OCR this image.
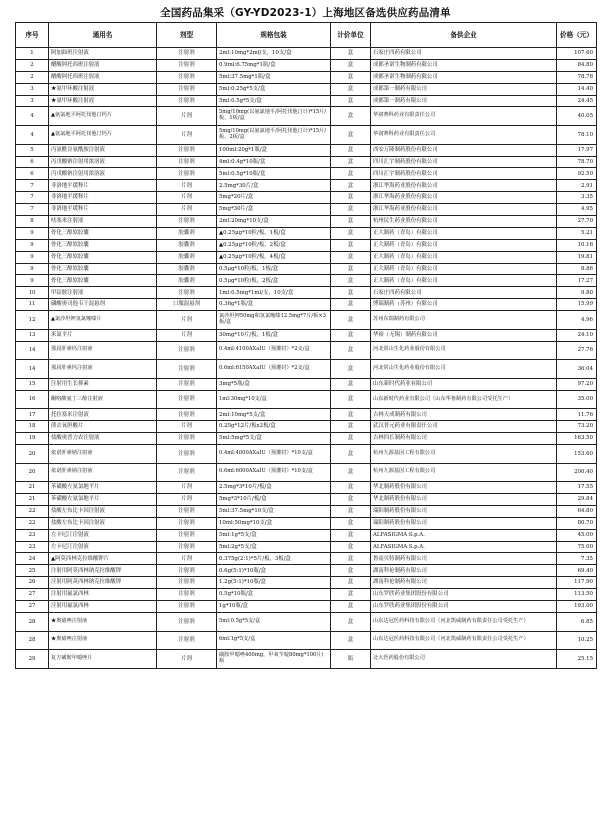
全国药品集采（GY-YD2023-1）上海地区备选供应药品清单
序号	通用名	剂型	规格包装	计价单位	备供企业	价格（元）
1	阿加曲班注射液	注射剂	2ml:10mg*2ml/支，10支/盒	盒	石家庄四药有限公司	107.60
2	醋酸阿托西班注射液	注射剂	0.9ml:6.75mg*1瓶/盒	盒	成都圣诺生物制药有限公司	84.80
2	醋酸阿托西班注射液	注射剂	5ml:37.5mg*1瓶/盒	盒	成都圣诺生物制药有限公司	78.78
3	★氨甲环酸注射液	注射剂	5ml:0.25g*5支/盒	盒	成都第一制药有限公司	14.40
3	★氨甲环酸注射液	注射剂	5ml:0.5g*5支/盒	盒	成都第一制药有限公司	24.45
4	▲氨氯地平阿托伐他汀钙片	片剂	5mg/10mg(以氨氯地平/阿托伐他汀计)*15片/板，1板/盒	盒	华润赛科药业有限责任公司	40.05
4	▲氨氯地平阿托伐他汀钙片	片剂	5mg/10mg(以氨氯地平/阿托伐他汀计)*15片/板，2板/盒	盒	华润赛科药业有限责任公司	78.10
5	丙氨酰谷氨酰胺注射液	注射剂	100ml:20g*1瓶/盒	盒	西安万隆制药股份有限公司	17.97
6	丙戊酸钠注射用浓溶液	注射剂	4ml:0.4g*10瓶/盒	盒	四川汇宇制药股份有限公司	78.70
6	丙戊酸钠注射用浓溶液	注射剂	5ml:0.5g*10瓶/盒	盒	四川汇宇制药股份有限公司	92.50
7	非洛地平缓释片	片剂	2.5mg*30片/盒	盒	浙江华海药业股份有限公司	2.91
7	非洛地平缓释片	片剂	5mg*20片/盒	盒	浙江华海药业股份有限公司	3.35
7	非洛地平缓释片	片剂	5mg*30片/盒	盒	浙江华海药业股份有限公司	4.95
8	呋塞米注射液	注射剂	2ml:20mg*10支/盒	盒	杭州民生药业股份有限公司	27.70
9	骨化三醇软胶囊	胶囊剂	▲0.25μg*10粒/板，1板/盒	盒	正大制药（青岛）有限公司	5.21
9	骨化三醇软胶囊	胶囊剂	▲0.25μg*10粒/板，2板/盒	盒	正大制药（青岛）有限公司	10.16
9	骨化三醇软胶囊	胶囊剂	▲0.25μg*10粒/板，4板/盒	盒	正大制药（青岛）有限公司	19.81
9	骨化三醇软胶囊	胶囊剂	0.5μg*10粒/板，1板/盒	盒	正大制药（青岛）有限公司	8.86
9	骨化三醇软胶囊	胶囊剂	0.5μg*10粒/板，2板/盒	盒	正大制药（青岛）有限公司	17.27
10	甲钴胺注射液	注射剂	1ml:0.5mg*1ml/支，10支/盒	盒	石家庄四药有限公司	9.80
11	磷酸奥司他韦干混悬剂	口服混悬剂	0.36g*1瓶/盒	盒	博瑞制药（苏州）有限公司	15.99
12	▲氯沙坦钾氢氯噻嗪片	片剂	氯沙坦钾50mg和氢氯噻嗪12.5mg*7片/板×3板/盒	盒	苏州东瑞制药有限公司	4.96
13	米氮平片	片剂	30mg*10片/板，1板/盒	盒	华裕（无锡）制药有限公司	24.10
14	那屈肝素钙注射液	注射剂	0.4ml:4100AXaIU（预灌封）*2支/盒	盒	河北常山生化药业股份有限公司	27.76
14	那屈肝素钙注射液	注射剂	0.6ml:6150AXaIU（预灌封）*2支/盒	盒	河北常山生化药业股份有限公司	36.04
15	注射用生长抑素	注射剂	3mg*5瓶/盒	盒	山东新时代药业有限公司	97.20
16	酮咯酸氨丁三醇注射液	注射剂	1ml:30mg*10支/盒	盒	山东新时代药业有限公司（山东华鲁制药有限公司受托生产）	35.00
17	托拉塞米注射液	注射剂	2ml:10mg*5支/盒	盒	吉林天成制药有限公司	11.76
18	熊去氧胆酸片	片剂	0.25g*12片/板x2板/盒	盒	武汉普元药业有限责任公司	73.20
19	盐酸奥普力农注射液	注射剂	5ml:5mg*5支/盒	盒	吉林四长制药有限公司	163.50
20	依诺肝素钠注射液	注射剂	0.4ml:4000AXaIU（预灌封）*10支/盒	盒	杭州九源基因工程有限公司	153.60
20	依诺肝素钠注射液	注射剂	0.6ml:6000AXaIU（预灌封）*10支/盒	盒	杭州九源基因工程有限公司	200.40
21	苯磺酸左氨氯地平片	片剂	2.5mg*3*10片/板/盒	盒	华北制药股份有限公司	17.55
21	苯磺酸左氨氯地平片	片剂	5mg*3*10片/板/盒	盒	华北制药股份有限公司	29.84
22	盐酸左布比卡因注射液	注射剂	5ml:37.5mg*10支/盒	盒	瑞阳制药股份有限公司	64.80
22	盐酸左布比卡因注射液	注射剂	10ml:50mg*10支/盒	盒	瑞阳制药股份有限公司	80.70
23	左卡尼汀注射液	注射剂	5ml:1g*5支/盒	盒	ALFASIGMA S.p.A.	45.00
23	左卡尼汀注射液	注射剂	5ml:2g*5支/盒	盒	ALFASIGMA S.p.A.	75.00
24	▲阿莫西林克拉维酸钾片	片剂	0.375g(2:1)*5片/板，3板/盒	盒	鲁南贝特制药有限公司	7.35
25	注射用阿莫西林钠克拉维酸钾	注射剂	0.6g(5:1)*10瓶/盒	盒	湖南科伦制药有限公司	69.40
26	注射用阿莫西林钠克拉维酸钾	注射剂	1.2g(5:1)*10瓶/盒	盒	湖南科伦制药有限公司	117.90
27	注射用氟氯西林	注射剂	0.5g*10瓶/盒	盒	山东罗欣药业集团股份有限公司	113.50
27	注射用氟氯西林	注射剂	1g*10瓶/盒	盒	山东罗欣药业集团股份有限公司	193.00
28	★奥硝唑注射液	注射剂	5ml:0.5g*5支/盒	盒	山东达冠医药科技有限公司（河北凯威制药有限责任公司受托生产）	6.85
28	★奥硝唑注射液	注射剂	6ml:1g*5支/盒	盒	山东达冠医药科技有限公司（河北凯威制药有限责任公司受托生产）	10.25
29	复方磺胺甲噁唑片	片剂	磺胺甲噁唑400mg，甲氧苄啶80mg*100片/瓶	瓶	北大医药股份有限公司	25.15
